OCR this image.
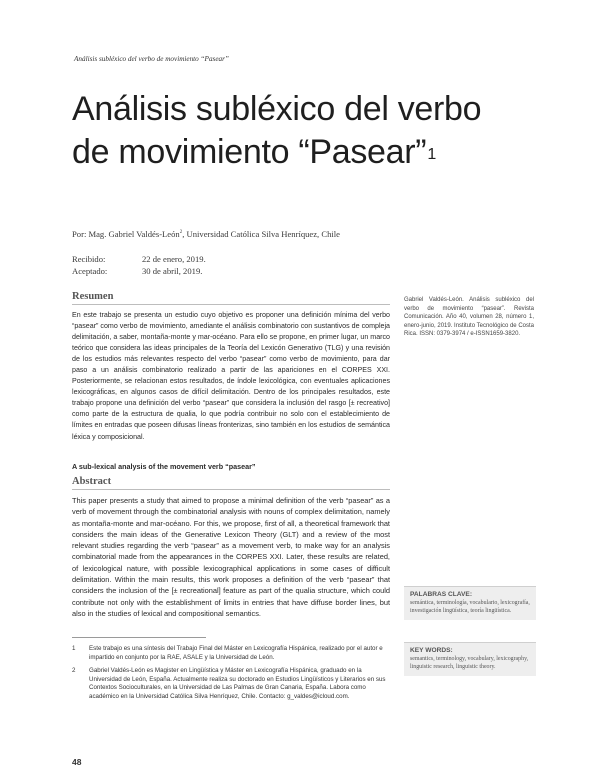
Análisis subléxico del verbo de movimiento “Pasear”
Análisis subléxico del verbo
de movimiento “Pasear”$^1$
Por: Mag. Gabriel Valdés-León$^2$, Universidad Católica Silva Henríquez, Chile
Recibido:	22 de enero, 2019.
Aceptado:	30 de abril, 2019.
Resumen
En este trabajo se presenta un estudio cuyo objetivo es proponer una definición mínima del verbo “pasear” como verbo de movimiento, amediante el análisis combinatorio con sustantivos de compleja delimitación, a saber, montaña-monte y mar-océano. Para ello se propone, en primer lugar, un marco teórico que considera las ideas principales de la Teoría del Lexicón Generativo (TLG) y una revisión de los estudios más relevantes respecto del verbo “pasear” como verbo de movimiento, para dar paso a un análisis combinatorio realizado a partir de las apariciones en el CORPES XXI. Posteriormente, se relacionan estos resultados, de índole lexicológica, con eventuales aplicaciones lexicográficas, en algunos casos de difícil delimitación. Dentro de los principales resultados, este trabajo propone una definición del verbo “pasear” que considera la inclusión del rasgo [± recreativo] como parte de la estructura de qualia, lo que podría contribuir no solo con el establecimiento de límites en entradas que poseen difusas líneas fronterizas, sino también en los estudios de semántica léxica y composicional.
A sub-lexical analysis of the movement verb “pasear”
Abstract
This paper presents a study that aimed to propose a minimal definition of the verb “pasear” as a verb of movement through the combinatorial analysis with nouns of complex delimitation, namely as montaña-monte and mar-océano. For this, we propose, first of all, a theoretical framework that considers the main ideas of the Generative Lexicon Theory (GLT) and a review of the most relevant studies regarding the verb “pasear” as a movement verb, to make way for an analysis combinatorial made from the appearances in the CORPES XXI. Later, these results are related, of lexicological nature, with possible lexicographical applications in some cases of difficult delimitation. Within the main results, this work proposes a definition of the verb “pasear” that considers the inclusion of the [± recreational] feature as part of the qualia structure, which could contribute not only with the establishment of limits in entries that have diffuse border lines, but also in the studies of lexical and compositional semantics.
Gabriel Valdés-León. Análisis subléxico del verbo de movimiento “pasear”. Revista Comunicación. Año 40, volumen 28, número 1, enero-junio, 2019. Instituto Tecnológico de Costa Rica. ISSN: 0379-3974 / e-ISSN1659-3820.
PALABRAS CLAVE:
semántica, terminología, vocabulario, lexicografía, investigación lingüística, teoría lingüística.
KEY WORDS:
semantics, terminology, vocabulary, lexicography, linguistic research, linguistic theory.
1 Este trabajo es una síntesis del Trabajo Final del Máster en Lexicografía Hispánica, realizado por el autor e impartido en conjunto por la RAE, ASALE y la Universidad de León.
2 Gabriel Valdés-León es Magister en Lingüística y Máster en Lexicografía Hispánica, graduado en la Universidad de León, España. Actualmente realiza su doctorado en Estudios Lingüísticos y Literarios en sus Contextos Socioculturales, en la Universidad de Las Palmas de Gran Canaria, España. Labora como académico en la Universidad Católica Silva Henríquez, Chile. Contacto: g_valdes@icloud.com.
48
